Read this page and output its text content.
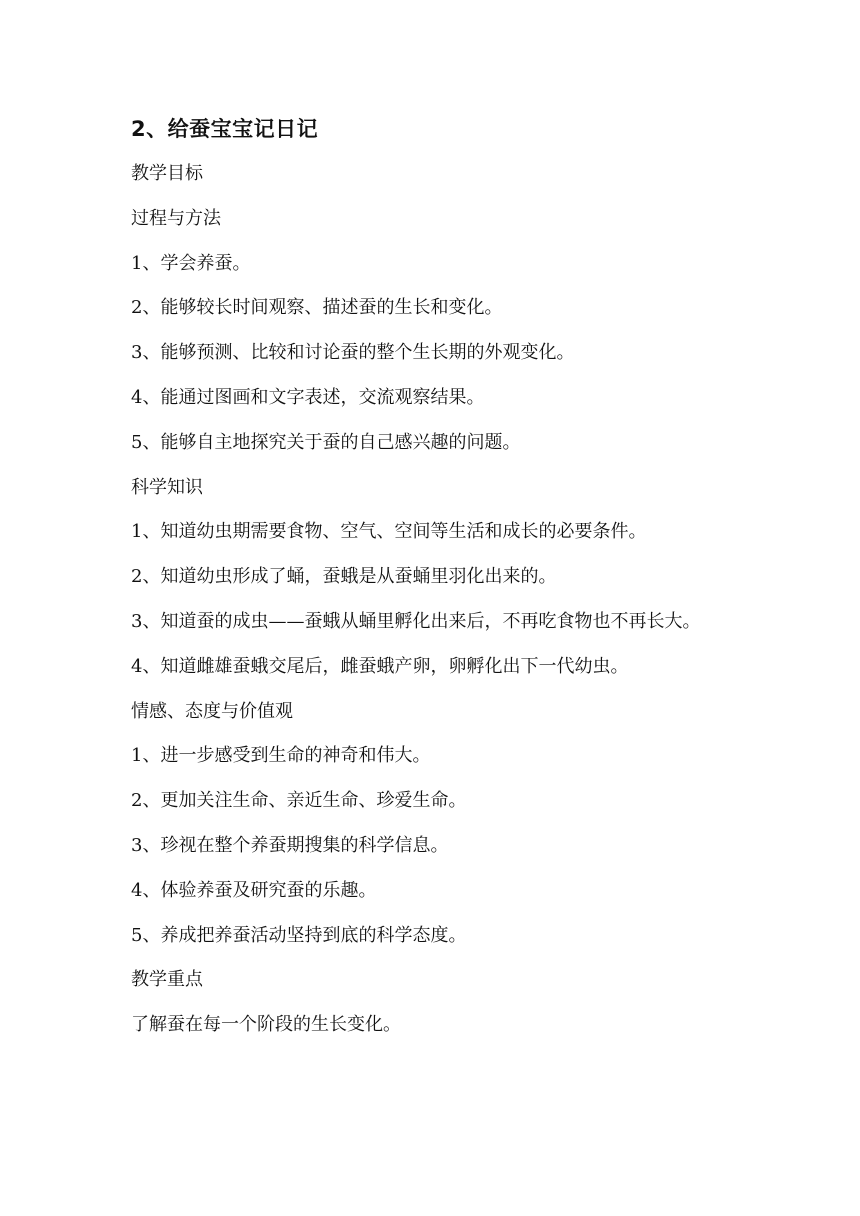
2、给蚕宝宝记日记

教学目标

过程与方法

1、学会养蚕。

2、能够较长时间观察、描述蚕的生长和变化。

3、能够预测、比较和讨论蚕的整个生长期的外观变化。

4、能通过图画和文字表述，交流观察结果。

5、能够自主地探究关于蚕的自己感兴趣的问题。

科学知识

1、知道幼虫期需要食物、空气、空间等生活和成长的必要条件。

2、知道幼虫形成了蛹，蚕蛾是从蚕蛹里羽化出来的。

3、知道蚕的成虫——蚕蛾从蛹里孵化出来后，不再吃食物也不再长大。

4、知道雌雄蚕蛾交尾后，雌蚕蛾产卵，卵孵化出下一代幼虫。

情感、态度与价值观

1、进一步感受到生命的神奇和伟大。

2、更加关注生命、亲近生命、珍爱生命。

3、珍视在整个养蚕期搜集的科学信息。

4、体验养蚕及研究蚕的乐趣。

5、养成把养蚕活动坚持到底的科学态度。

教学重点

了解蚕在每一个阶段的生长变化。
